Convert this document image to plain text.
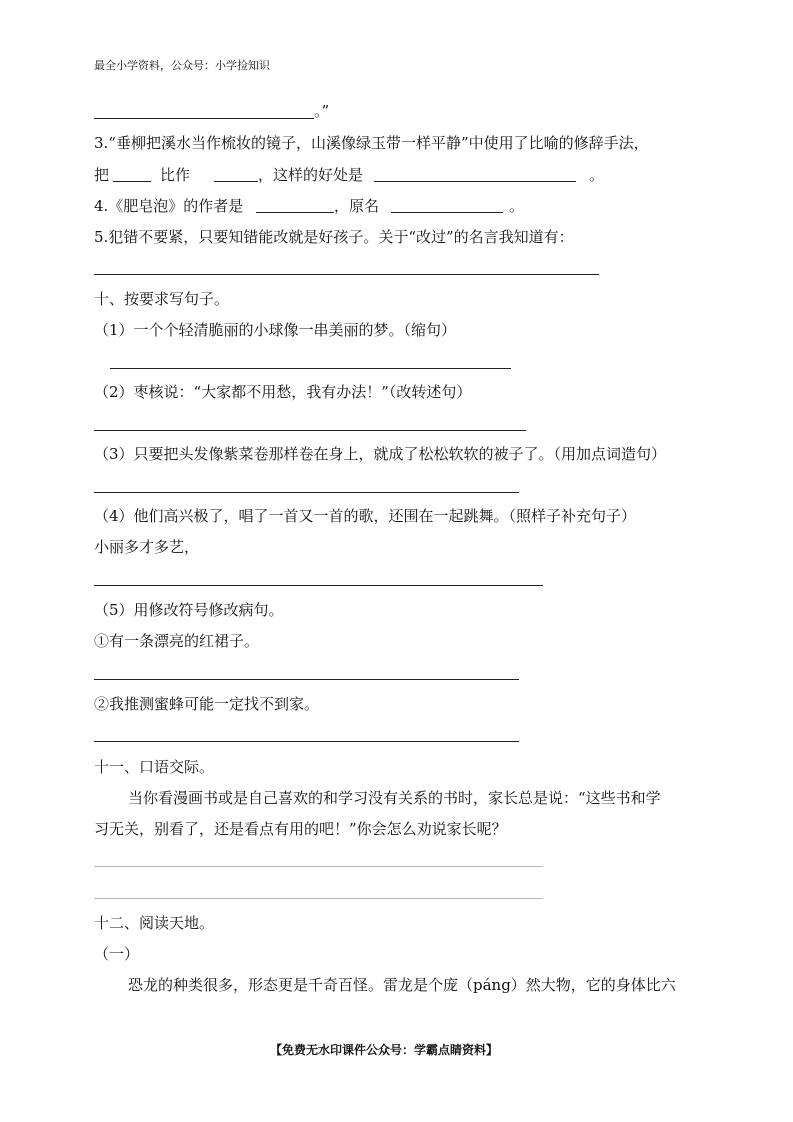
最全小学资料，公众号：小学捡知识
。”
3.“垂柳把溪水当作梳妆的镜子，山溪像绿玉带一样平静”中使用了比喻的修辞手法，
把	比作	，这样的好处是	。
4.《肥皂泡》的作者是	，原名	。
5.犯错不要紧，只要知错能改就是好孩子。关于“改过”的名言我知道有：
十、按要求写句子。
（1）一个个轻清脆丽的小球像一串美丽的梦。（缩句）
（2）枣核说：“大家都不用愁，我有办法！”（改转述句）
（3）只要把头发像紫菜卷那样卷在身上，就成了松松软软的被子了。（用加点词造句）
（4）他们高兴极了，唱了一首又一首的歌，还围在一起跳舞。（照样子补充句子）
小丽多才多艺，
（5）用修改符号修改病句。
①有一条漂亮的红裙子。
②我推测蜜蜂可能一定找不到家。
十一、口语交际。
当你看漫画书或是自己喜欢的和学习没有关系的书时，家长总是说：“这些书和学
习无关，别看了，还是看点有用的吧！”你会怎么劝说家长呢？
十二、阅读天地。
（一）
恐龙的种类很多，形态更是千奇百怪。雷龙是个庞（páng）然大物，它的身体比六
【免费无水印课件公众号：学霸点睛资料】
